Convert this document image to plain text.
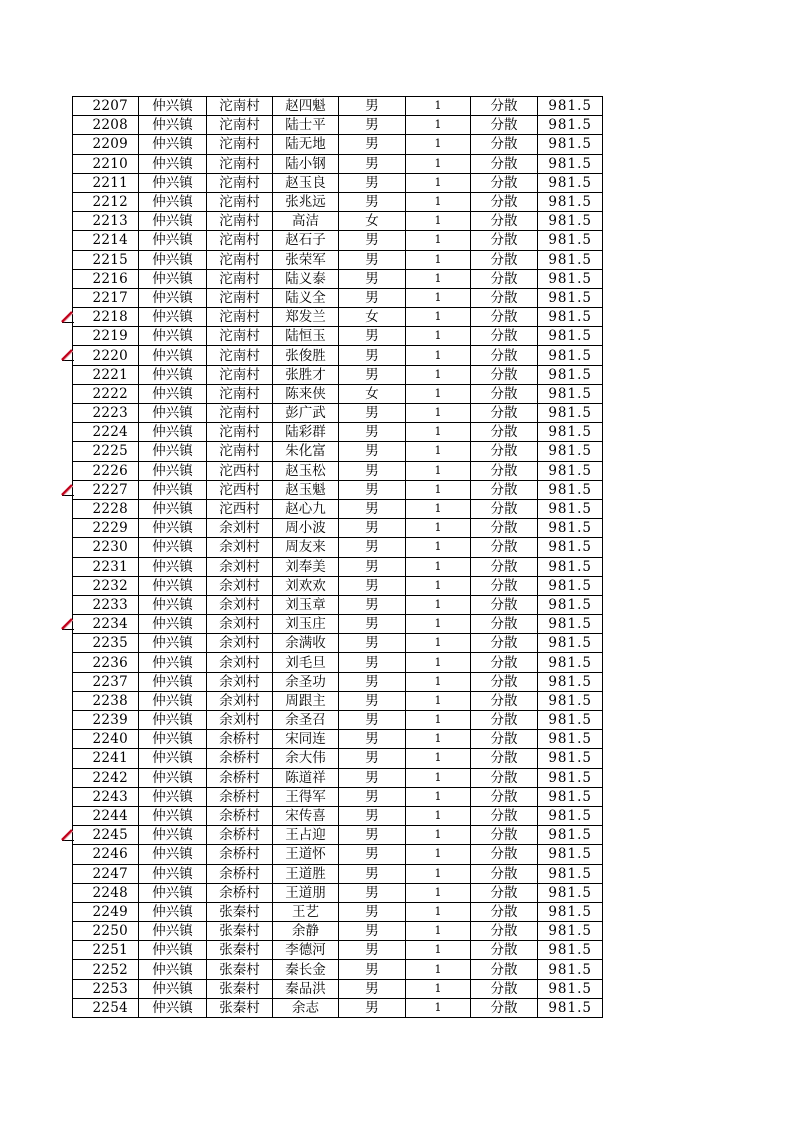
2207	仲兴镇	沱南村	赵四魁	男	1	分散	981.5
2208	仲兴镇	沱南村	陆士平	男	1	分散	981.5
2209	仲兴镇	沱南村	陆无地	男	1	分散	981.5
2210	仲兴镇	沱南村	陆小钢	男	1	分散	981.5
2211	仲兴镇	沱南村	赵玉良	男	1	分散	981.5
2212	仲兴镇	沱南村	张兆远	男	1	分散	981.5
2213	仲兴镇	沱南村	高洁	女	1	分散	981.5
2214	仲兴镇	沱南村	赵石子	男	1	分散	981.5
2215	仲兴镇	沱南村	张荣军	男	1	分散	981.5
2216	仲兴镇	沱南村	陆义泰	男	1	分散	981.5
2217	仲兴镇	沱南村	陆义全	男	1	分散	981.5

2218	仲兴镇	沱南村	郑发兰	女	1	分散	981.5
2219	仲兴镇	沱南村	陆恒玉	男	1	分散	981.5

2220	仲兴镇	沱南村	张俊胜	男	1	分散	981.5
2221	仲兴镇	沱南村	张胜才	男	1	分散	981.5
2222	仲兴镇	沱南村	陈来侠	女	1	分散	981.5
2223	仲兴镇	沱南村	彭广武	男	1	分散	981.5
2224	仲兴镇	沱南村	陆彩群	男	1	分散	981.5
2225	仲兴镇	沱南村	朱化富	男	1	分散	981.5
2226	仲兴镇	沱西村	赵玉松	男	1	分散	981.5

2227	仲兴镇	沱西村	赵玉魁	男	1	分散	981.5
2228	仲兴镇	沱西村	赵心九	男	1	分散	981.5
2229	仲兴镇	余刘村	周小波	男	1	分散	981.5
2230	仲兴镇	余刘村	周友来	男	1	分散	981.5
2231	仲兴镇	余刘村	刘奉美	男	1	分散	981.5
2232	仲兴镇	余刘村	刘欢欢	男	1	分散	981.5
2233	仲兴镇	余刘村	刘玉章	男	1	分散	981.5

2234	仲兴镇	余刘村	刘玉庄	男	1	分散	981.5
2235	仲兴镇	余刘村	余满收	男	1	分散	981.5
2236	仲兴镇	余刘村	刘毛旦	男	1	分散	981.5
2237	仲兴镇	余刘村	余圣功	男	1	分散	981.5
2238	仲兴镇	余刘村	周跟主	男	1	分散	981.5
2239	仲兴镇	余刘村	余圣召	男	1	分散	981.5
2240	仲兴镇	余桥村	宋同连	男	1	分散	981.5
2241	仲兴镇	余桥村	余大伟	男	1	分散	981.5
2242	仲兴镇	余桥村	陈道祥	男	1	分散	981.5
2243	仲兴镇	余桥村	王得军	男	1	分散	981.5
2244	仲兴镇	余桥村	宋传喜	男	1	分散	981.5

2245	仲兴镇	余桥村	王占迎	男	1	分散	981.5
2246	仲兴镇	余桥村	王道怀	男	1	分散	981.5
2247	仲兴镇	余桥村	王道胜	男	1	分散	981.5
2248	仲兴镇	余桥村	王道朋	男	1	分散	981.5
2249	仲兴镇	张秦村	王艺	男	1	分散	981.5
2250	仲兴镇	张秦村	余静	男	1	分散	981.5
2251	仲兴镇	张秦村	李德河	男	1	分散	981.5
2252	仲兴镇	张秦村	秦长金	男	1	分散	981.5
2253	仲兴镇	张秦村	秦品洪	男	1	分散	981.5
2254	仲兴镇	张秦村	余志	男	1	分散	981.5
